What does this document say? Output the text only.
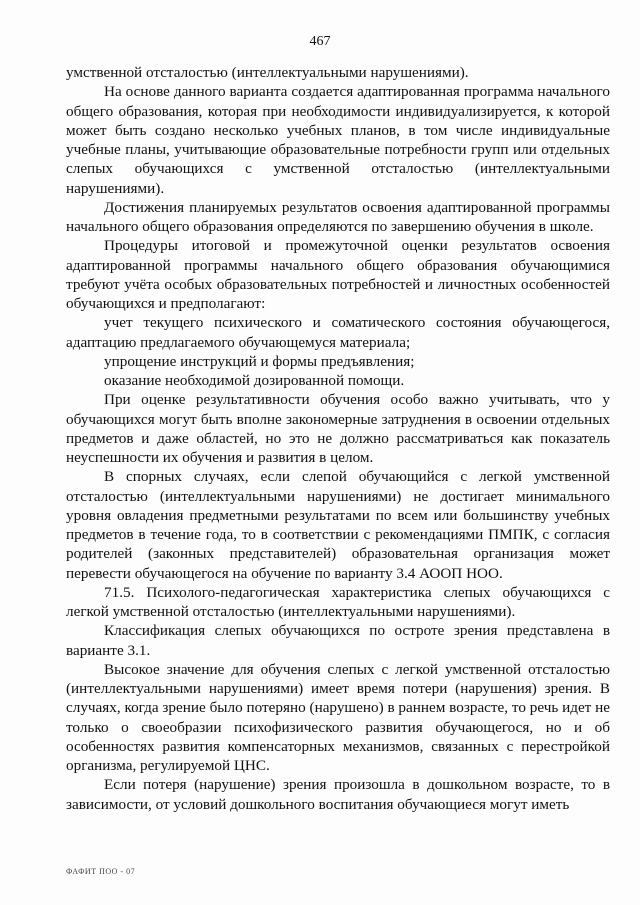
467

умственной отсталостью (интеллектуальными нарушениями).

На основе данного варианта создается адаптированная программа начального общего образования, которая при необходимости индивидуализируется, к которой может быть создано несколько учебных планов, в том числе индивидуальные учебные планы, учитывающие образовательные потребности групп или отдельных слепых обучающихся с умственной отсталостью (интеллектуальными нарушениями).

Достижения планируемых результатов освоения адаптированной программы начального общего образования определяются по завершению обучения в школе.

Процедуры итоговой и промежуточной оценки результатов освоения адаптированной программы начального общего образования обучающимися требуют учёта особых образовательных потребностей и личностных особенностей обучающихся и предполагают:

учет текущего психического и соматического состояния обучающегося, адаптацию предлагаемого обучающемуся материала;

упрощение инструкций и формы предъявления;

оказание необходимой дозированной помощи.

При оценке результативности обучения особо важно учитывать, что у обучающихся могут быть вполне закономерные затруднения в освоении отдельных предметов и даже областей, но это не должно рассматриваться как показатель неуспешности их обучения и развития в целом.

В спорных случаях, если слепой обучающийся с легкой умственной отсталостью (интеллектуальными нарушениями) не достигает минимального уровня овладения предметными результатами по всем или большинству учебных предметов в течение года, то в соответствии с рекомендациями ПМПК, с согласия родителей (законных представителей) образовательная организация может перевести обучающегося на обучение по варианту 3.4 АООП НОО.

71.5. Психолого-педагогическая характеристика слепых обучающихся с легкой умственной отсталостью (интеллектуальными нарушениями).

Классификация слепых обучающихся по остроте зрения представлена в варианте 3.1.

Высокое значение для обучения слепых с легкой умственной отсталостью (интеллектуальными нарушениями) имеет время потери (нарушения) зрения. В случаях, когда зрение было потеряно (нарушено) в раннем возрасте, то речь идет не только о своеобразии психофизического развития обучающегося, но и об особенностях развития компенсаторных механизмов, связанных с перестройкой организма, регулируемой ЦНС.

Если потеря (нарушение) зрения произошла в дошкольном возрасте, то в зависимости, от условий дошкольного воспитания обучающиеся могут иметь

ФАФИТ ПОО - 07
